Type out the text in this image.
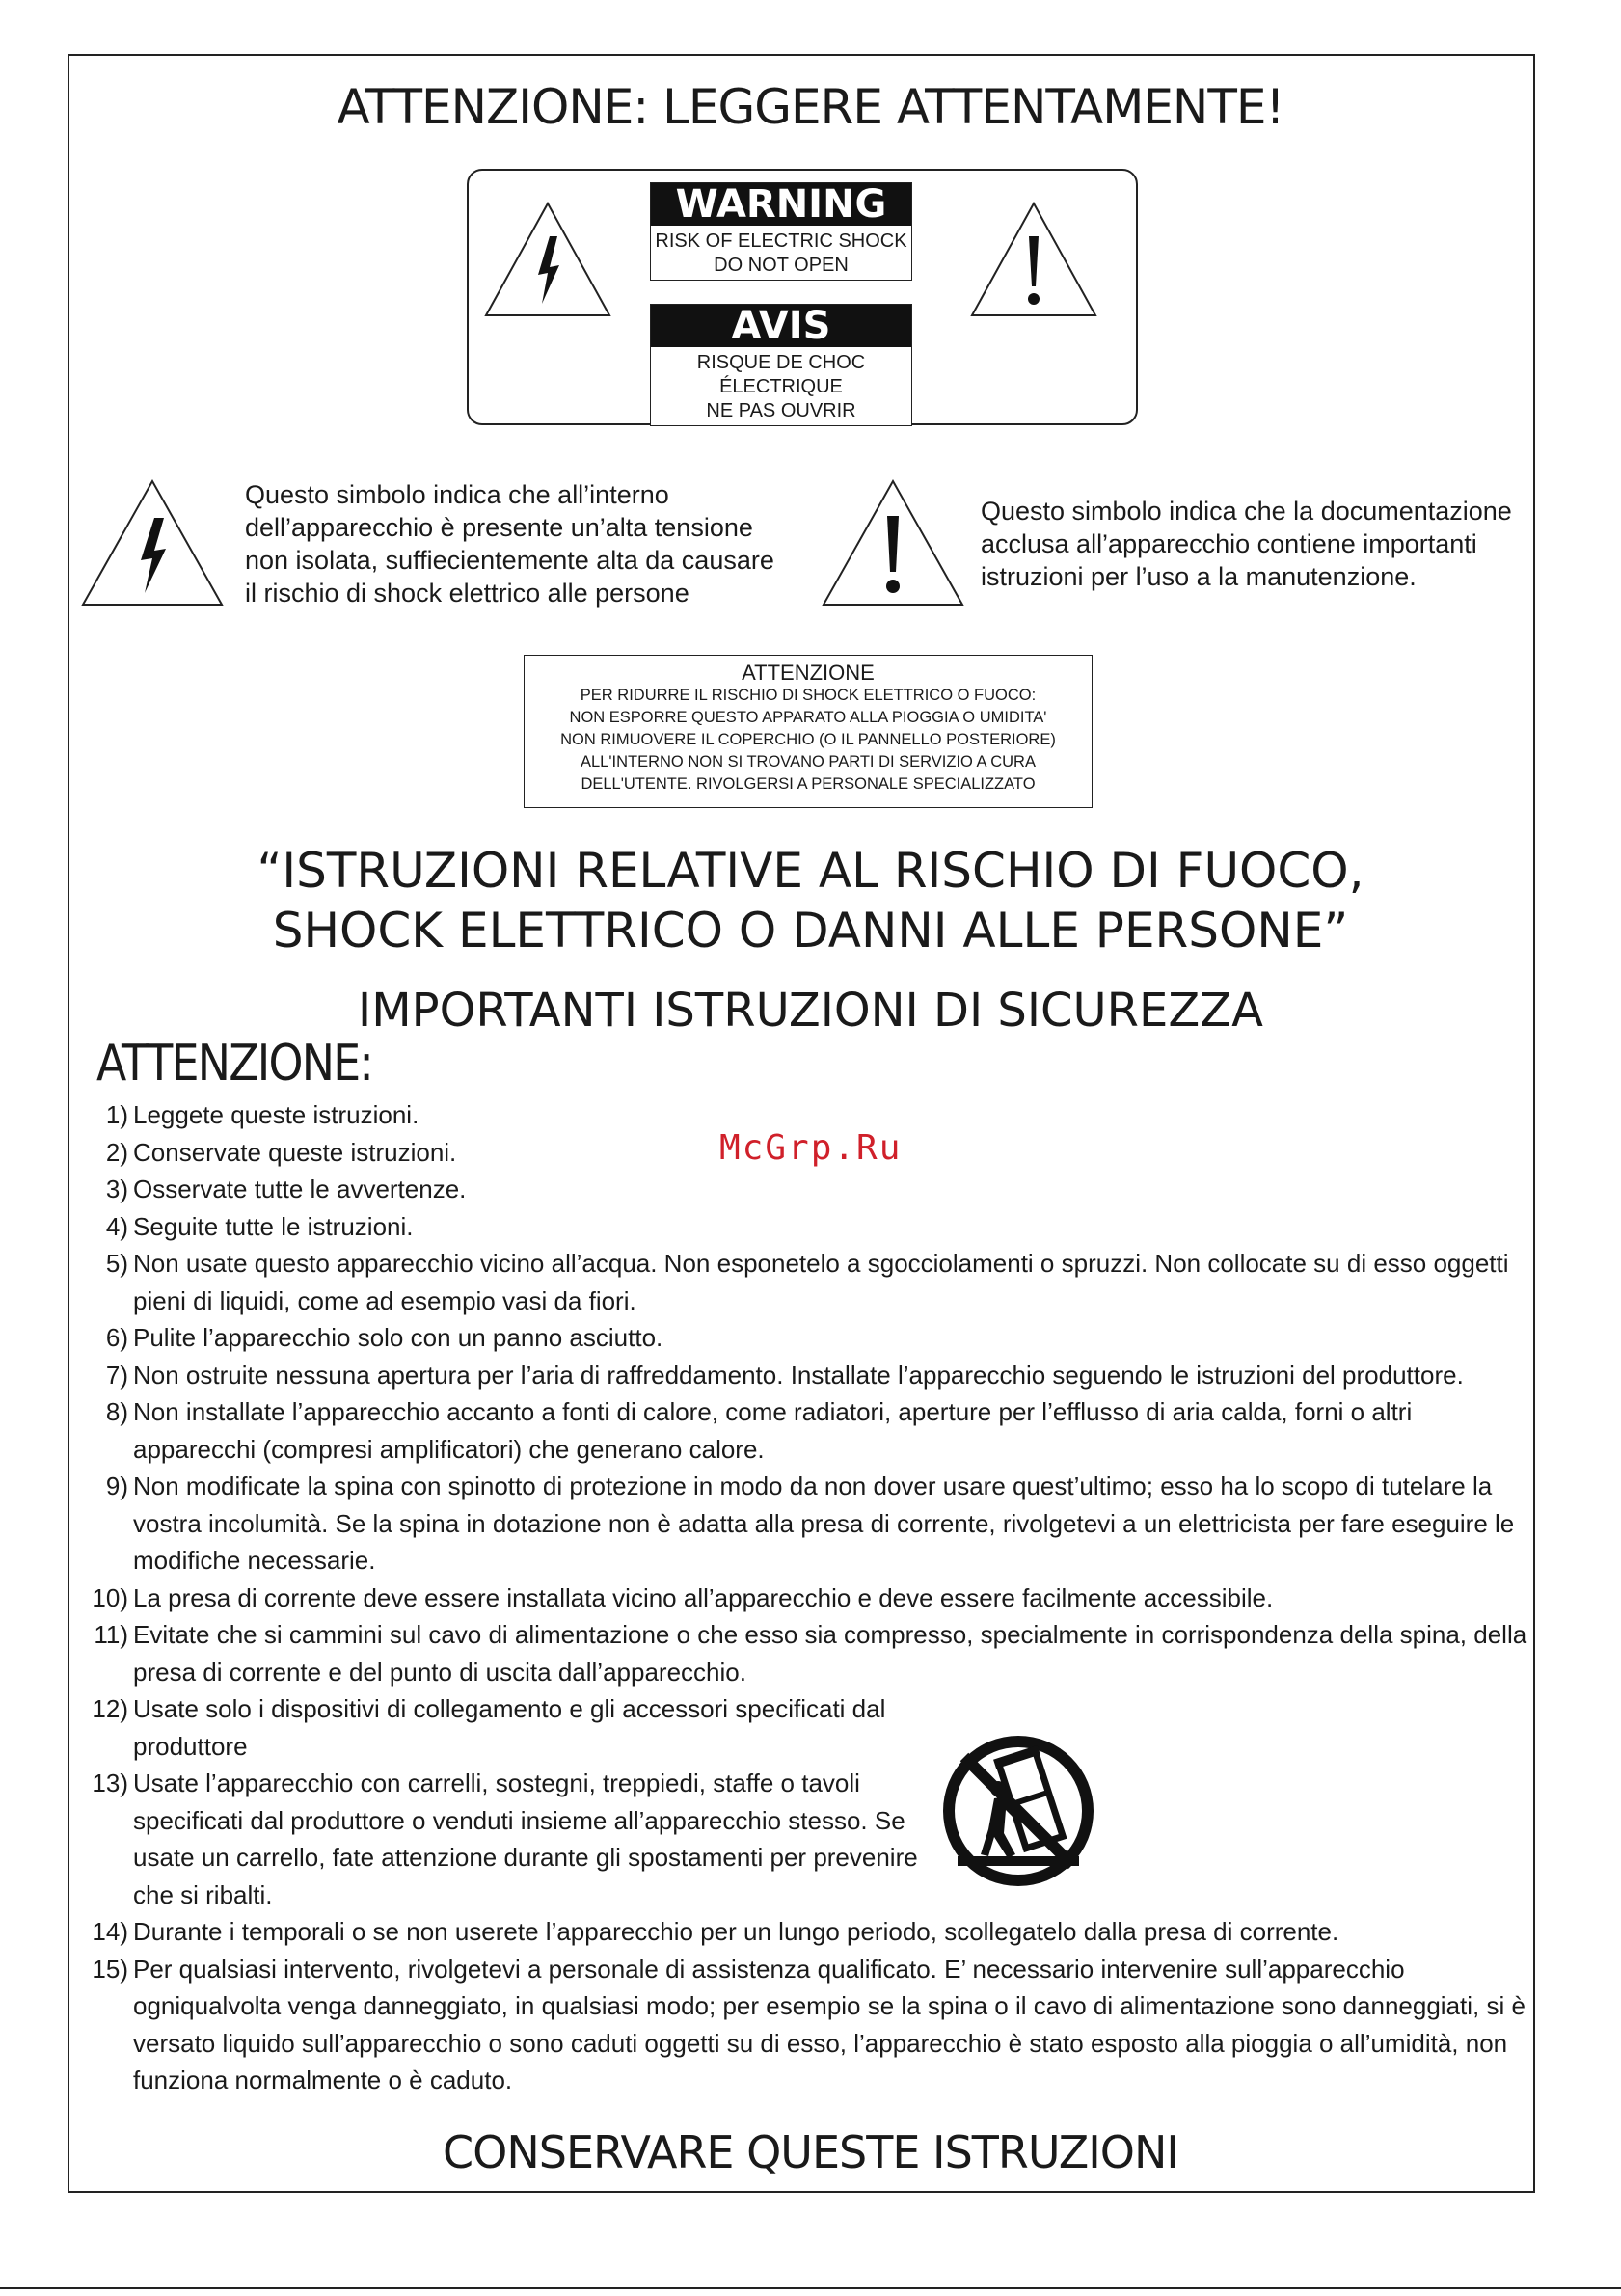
ATTENZIONE: LEGGERE ATTENTAMENTE!
WARNING
RISK OF ELECTRIC SHOCK
DO NOT OPEN
AVIS
RISQUE DE CHOC ÉLECTRIQUE
NE PAS OUVRIR
Questo simbolo indica che all’interno
dell’apparecchio è presente un’alta tensione
non isolata, suffiecientemente alta da causare
il rischio di shock elettrico alle persone
Questo simbolo indica che la documentazione
acclusa all’apparecchio contiene importanti
istruzioni per l’uso a la manutenzione.
ATTENZIONE
PER RIDURRE IL RISCHIO DI SHOCK ELETTRICO O FUOCO:
NON ESPORRE QUESTO APPARATO ALLA PIOGGIA O UMIDITA'
NON RIMUOVERE IL COPERCHIO (O IL PANNELLO POSTERIORE)
ALL'INTERNO NON SI TROVANO PARTI DI SERVIZIO A CURA
DELL'UTENTE. RIVOLGERSI A PERSONALE SPECIALIZZATO
“ISTRUZIONI RELATIVE AL RISCHIO DI FUOCO,
SHOCK ELETTRICO O DANNI ALLE PERSONE”
IMPORTANTI ISTRUZIONI DI SICUREZZA
ATTENZIONE:
McGrp.Ru
1) Leggete queste istruzioni.
2) Conservate queste istruzioni.
3) Osservate tutte le avvertenze.
4) Seguite tutte le istruzioni.
5) Non usate questo apparecchio vicino all’acqua. Non esponetelo a sgocciolamenti o spruzzi. Non collocate su di esso oggetti pieni di liquidi, come ad esempio vasi da fiori.
6) Pulite l’apparecchio solo con un panno asciutto.
7) Non ostruite nessuna apertura per l’aria di raffreddamento. Installate l’apparecchio seguendo le istruzioni del produttore.
8) Non installate l’apparecchio accanto a fonti di calore, come radiatori, aperture per l’efflusso di aria calda, forni o altri apparecchi (compresi amplificatori) che generano calore.
9) Non modificate la spina con spinotto di protezione in modo da non dover usare quest’ultimo; esso ha lo scopo di tutelare la vostra incolumità. Se la spina in dotazione non è adatta alla presa di corrente, rivolgetevi a un elettricista per fare eseguire le modifiche necessarie.
10) La presa di corrente deve essere installata vicino all’apparecchio e deve essere facilmente accessibile.
11) Evitate che si cammini sul cavo di alimentazione o che esso sia compresso, specialmente in corrispondenza della spina, della presa di corrente e del punto di uscita dall’apparecchio.
12) Usate solo i dispositivi di collegamento e gli accessori specificati dal produttore
13) Usate l’apparecchio con carrelli, sostegni, treppiedi, staffe o tavoli specificati dal produttore o venduti insieme all’apparecchio stesso. Se usate un carrello, fate attenzione durante gli spostamenti per prevenire che si ribalti.
14) Durante i temporali o se non userete l’apparecchio per un lungo periodo, scollegatelo dalla presa di corrente.
15) Per qualsiasi intervento, rivolgetevi a personale di assistenza qualificato. E’ necessario intervenire sull’apparecchio ogniqualvolta venga danneggiato, in qualsiasi modo; per esempio se la spina o il cavo di alimentazione sono danneggiati, si è versato liquido sull’apparecchio o sono caduti oggetti su di esso, l’apparecchio è stato esposto alla pioggia o all’umidità, non funziona normalmente o è caduto.
CONSERVARE QUESTE ISTRUZIONI
